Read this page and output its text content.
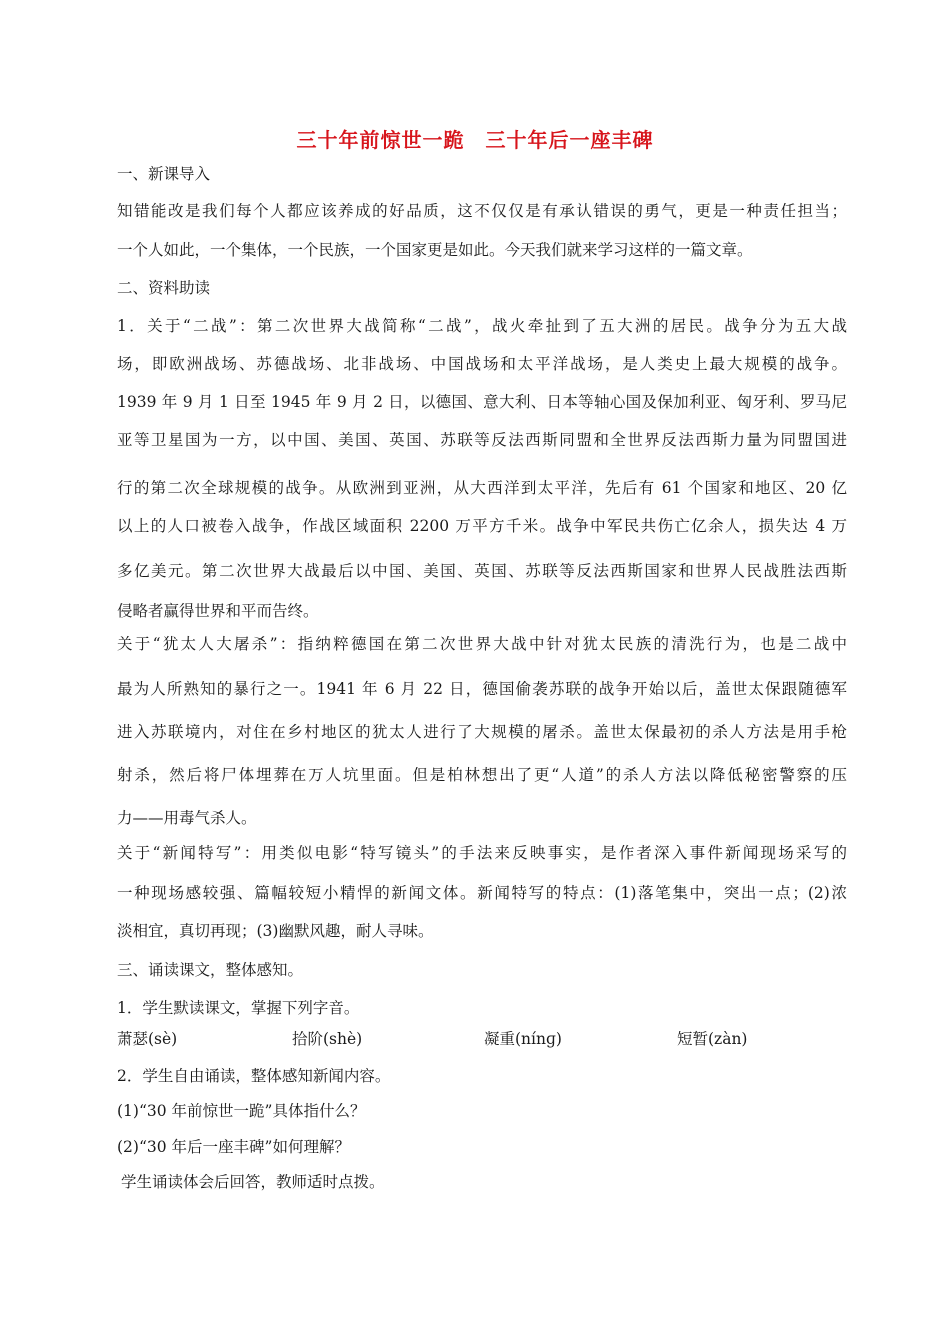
三十年前惊世一跪　三十年后一座丰碑
一、新课导入
知错能改是我们每个人都应该养成的好品质，这不仅仅是有承认错误的勇气，更是一种责任担当；
一个人如此，一个集体，一个民族，一个国家更是如此。今天我们就来学习这样的一篇文章。
二、资料助读
1．关于“二战”：第二次世界大战简称“二战”，战火牵扯到了五大洲的居民。战争分为五大战
场，即欧洲战场、苏德战场、北非战场、中国战场和太平洋战场，是人类史上最大规模的战争。
1939 年 9 月 1 日至 1945 年 9 月 2 日，以德国、意大利、日本等轴心国及保加利亚、匈牙利、罗马尼
亚等卫星国为一方，以中国、美国、英国、苏联等反法西斯同盟和全世界反法西斯力量为同盟国进
行的第二次全球规模的战争。从欧洲到亚洲，从大西洋到太平洋，先后有 61 个国家和地区、20 亿
以上的人口被卷入战争，作战区域面积 2200 万平方千米。战争中军民共伤亡亿余人，损失达 4 万
多亿美元。第二次世界大战最后以中国、美国、英国、苏联等反法西斯国家和世界人民战胜法西斯
侵略者赢得世界和平而告终。
关于“犹太人大屠杀”：指纳粹德国在第二次世界大战中针对犹太民族的清洗行为，也是二战中
最为人所熟知的暴行之一。1941 年 6 月 22 日，德国偷袭苏联的战争开始以后，盖世太保跟随德军
进入苏联境内，对住在乡村地区的犹太人进行了大规模的屠杀。盖世太保最初的杀人方法是用手枪
射杀，然后将尸体埋葬在万人坑里面。但是柏林想出了更“人道”的杀人方法以降低秘密警察的压
力——用毒气杀人。
关于“新闻特写”：用类似电影“特写镜头”的手法来反映事实，是作者深入事件新闻现场采写的
一种现场感较强、篇幅较短小精悍的新闻文体。新闻特写的特点：(1)落笔集中，突出一点；(2)浓
淡相宜，真切再现；(3)幽默风趣，耐人寻味。
三、诵读课文，整体感知。
1．学生默读课文，掌握下列字音。
萧瑟(sè)	拾阶(shè)	凝重(nínɡ)	短暂(zàn)
2．学生自由诵读，整体感知新闻内容。
(1)“30 年前惊世一跪”具体指什么？
(2)“30 年后一座丰碑”如何理解？
学生诵读体会后回答，教师适时点拨。
